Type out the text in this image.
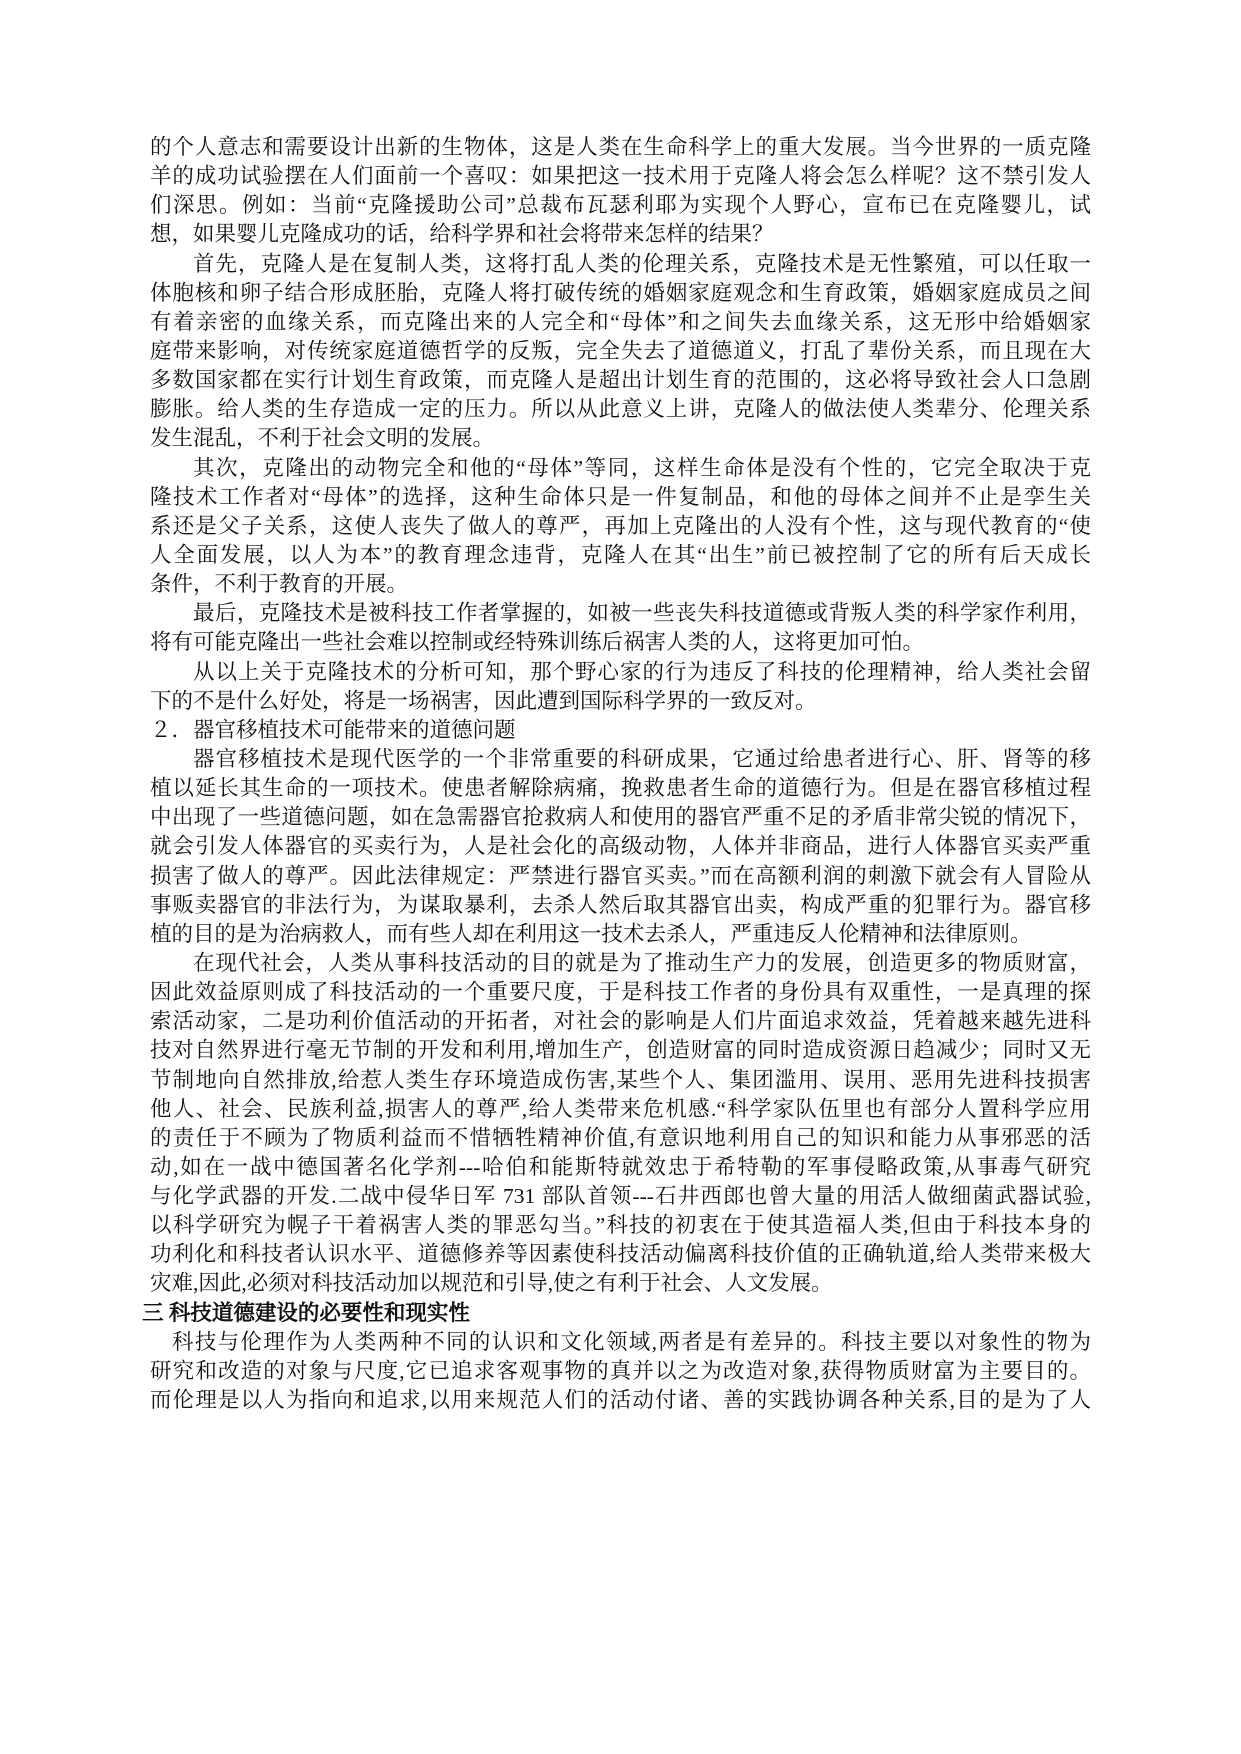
的个人意志和需要设计出新的生物体，这是人类在生命科学上的重大发展。当今世界的一质克隆
羊的成功试验摆在人们面前一个喜叹：如果把这一技术用于克隆人将会怎么样呢？这不禁引发人
们深思。例如：当前“克隆援助公司”总裁布瓦瑟利耶为实现个人野心，宣布已在克隆婴儿，试
想，如果婴儿克隆成功的话，给科学界和社会将带来怎样的结果？
首先，克隆人是在复制人类，这将打乱人类的伦理关系，克隆技术是无性繁殖，可以任取一
体胞核和卵子结合形成胚胎，克隆人将打破传统的婚姻家庭观念和生育政策，婚姻家庭成员之间
有着亲密的血缘关系，而克隆出来的人完全和“母体”和之间失去血缘关系，这无形中给婚姻家
庭带来影响，对传统家庭道德哲学的反叛，完全失去了道德道义，打乱了辈份关系，而且现在大
多数国家都在实行计划生育政策，而克隆人是超出计划生育的范围的，这必将导致社会人口急剧
膨胀。给人类的生存造成一定的压力。所以从此意义上讲，克隆人的做法使人类辈分、伦理关系
发生混乱，不利于社会文明的发展。
其次，克隆出的动物完全和他的“母体”等同，这样生命体是没有个性的，它完全取决于克
隆技术工作者对“母体”的选择，这种生命体只是一件复制品，和他的母体之间并不止是孪生关
系还是父子关系，这使人丧失了做人的尊严，再加上克隆出的人没有个性，这与现代教育的“使
人全面发展，以人为本”的教育理念违背，克隆人在其“出生”前已被控制了它的所有后天成长
条件，不利于教育的开展。
最后，克隆技术是被科技工作者掌握的，如被一些丧失科技道德或背叛人类的科学家作利用，
将有可能克隆出一些社会难以控制或经特殊训练后祸害人类的人，这将更加可怕。
从以上关于克隆技术的分析可知，那个野心家的行为违反了科技的伦理精神，给人类社会留
下的不是什么好处，将是一场祸害，因此遭到国际科学界的一致反对。
２．器官移植技术可能带来的道德问题
器官移植技术是现代医学的一个非常重要的科研成果，它通过给患者进行心、肝、肾等的移
植以延长其生命的一项技术。使患者解除病痛，挽救患者生命的道德行为。但是在器官移植过程
中出现了一些道德问题，如在急需器官抢救病人和使用的器官严重不足的矛盾非常尖锐的情况下，
就会引发人体器官的买卖行为，人是社会化的高级动物，人体并非商品，进行人体器官买卖严重
损害了做人的尊严。因此法律规定：严禁进行器官买卖。”而在高额利润的刺激下就会有人冒险从
事贩卖器官的非法行为，为谋取暴利，去杀人然后取其器官出卖，构成严重的犯罪行为。器官移
植的目的是为治病救人，而有些人却在利用这一技术去杀人，严重违反人伦精神和法律原则。
在现代社会，人类从事科技活动的目的就是为了推动生产力的发展，创造更多的物质财富，
因此效益原则成了科技活动的一个重要尺度，于是科技工作者的身份具有双重性，一是真理的探
索活动家，二是功利价值活动的开拓者，对社会的影响是人们片面追求效益，凭着越来越先进科
技对自然界进行毫无节制的开发和利用,增加生产，创造财富的同时造成资源日趋减少；同时又无
节制地向自然排放,给惹人类生存环境造成伤害,某些个人、集团滥用、误用、恶用先进科技损害
他人、社会、民族利益,损害人的尊严,给人类带来危机感.“科学家队伍里也有部分人置科学应用
的责任于不顾为了物质利益而不惜牺牲精神价值,有意识地利用自己的知识和能力从事邪恶的活
动,如在一战中德国著名化学剂---哈伯和能斯特就效忠于希特勒的军事侵略政策,从事毒气研究
与化学武器的开发.二战中侵华日军 731 部队首领---石井西郎也曾大量的用活人做细菌武器试验,
以科学研究为幌子干着祸害人类的罪恶勾当。”科技的初衷在于使其造福人类,但由于科技本身的
功利化和科技者认识水平、道德修养等因素使科技活动偏离科技价值的正确轨道,给人类带来极大
灾难,因此,必须对科技活动加以规范和引导,使之有利于社会、人文发展。
三 科技道德建设的必要性和现实性
科技与伦理作为人类两种不同的认识和文化领域,两者是有差异的。科技主要以对象性的物为
研究和改造的对象与尺度,它已追求客观事物的真并以之为改造对象,获得物质财富为主要目的。
而伦理是以人为指向和追求,以用来规范人们的活动付诸、善的实践协调各种关系,目的是为了人
